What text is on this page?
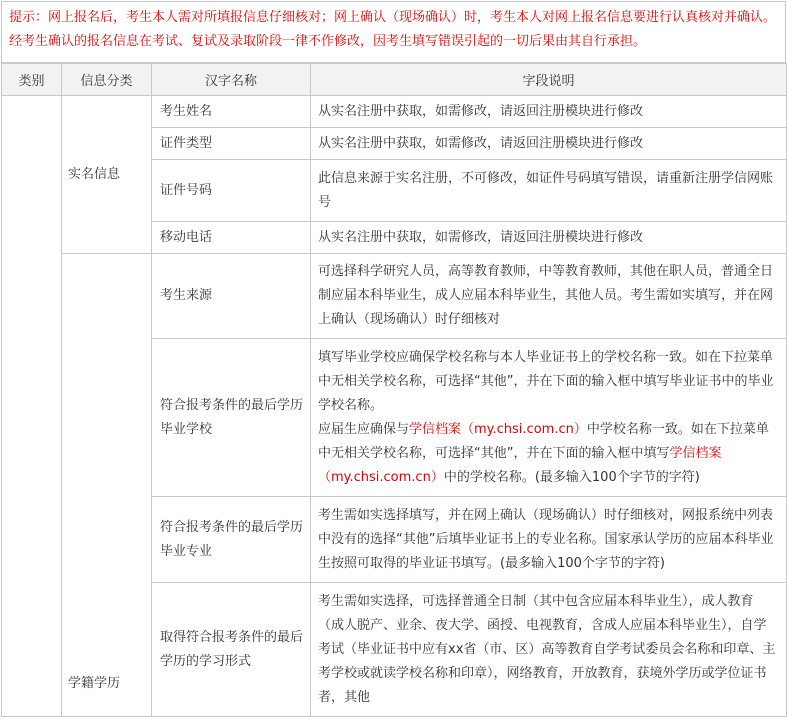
提示：网上报名后，考生本人需对所填报信息仔细核对；网上确认（现场确认）时，考生本人对网上报名信息要进行认真核对并确认。经考生确认的报名信息在考试、复试及录取阶段一律不作修改，因考生填写错误引起的一切后果由其自行承担。
类别	信息分类	汉字名称	字段说明
	实名信息	考生姓名	从实名注册中获取，如需修改，请返回注册模块进行修改
		证件类型	从实名注册中获取，如需修改，请返回注册模块进行修改
		证件号码	此信息来源于实名注册，不可修改，如证件号码填写错误，请重新注册学信网账号
		移动电话	从实名注册中获取，如需修改，请返回注册模块进行修改
	学籍学历	考生来源	可选择科学研究人员，高等教育教师，中等教育教师，其他在职人员，普通全日制应届本科毕业生，成人应届本科毕业生，其他人员。考生需如实填写，并在网上确认（现场确认）时仔细核对
		符合报考条件的最后学历毕业学校	填写毕业学校应确保学校名称与本人毕业证书上的学校名称一致。如在下拉菜单中无相关学校名称，可选择“其他”，并在下面的输入框中填写毕业证书中的毕业学校名称。
应届生应确保与学信档案（my.chsi.com.cn）中学校名称一致。如在下拉菜单中无相关学校名称，可选择“其他”，并在下面的输入框中填写学信档案（my.chsi.com.cn）中的学校名称。(最多输入100个字节的字符)

		符合报考条件的最后学历毕业专业	考生需如实选择填写，并在网上确认（现场确认）时仔细核对，网报系统中列表中没有的选择“其他”后填毕业证书上的专业名称。国家承认学历的应届本科毕业生按照可取得的毕业证书填写。(最多输入100个字节的字符)
		取得符合报考条件的最后学历的学习形式	考生需如实选择，可选择普通全日制（其中包含应届本科毕业生），成人教育（成人脱产、业余、夜大学、函授、电视教育，含成人应届本科毕业生），自学考试（毕业证书中应有xx省（市、区）高等教育自学考试委员会名称和印章、主考学校或就读学校名称和印章），网络教育，开放教育，获境外学历或学位证书者，其他
